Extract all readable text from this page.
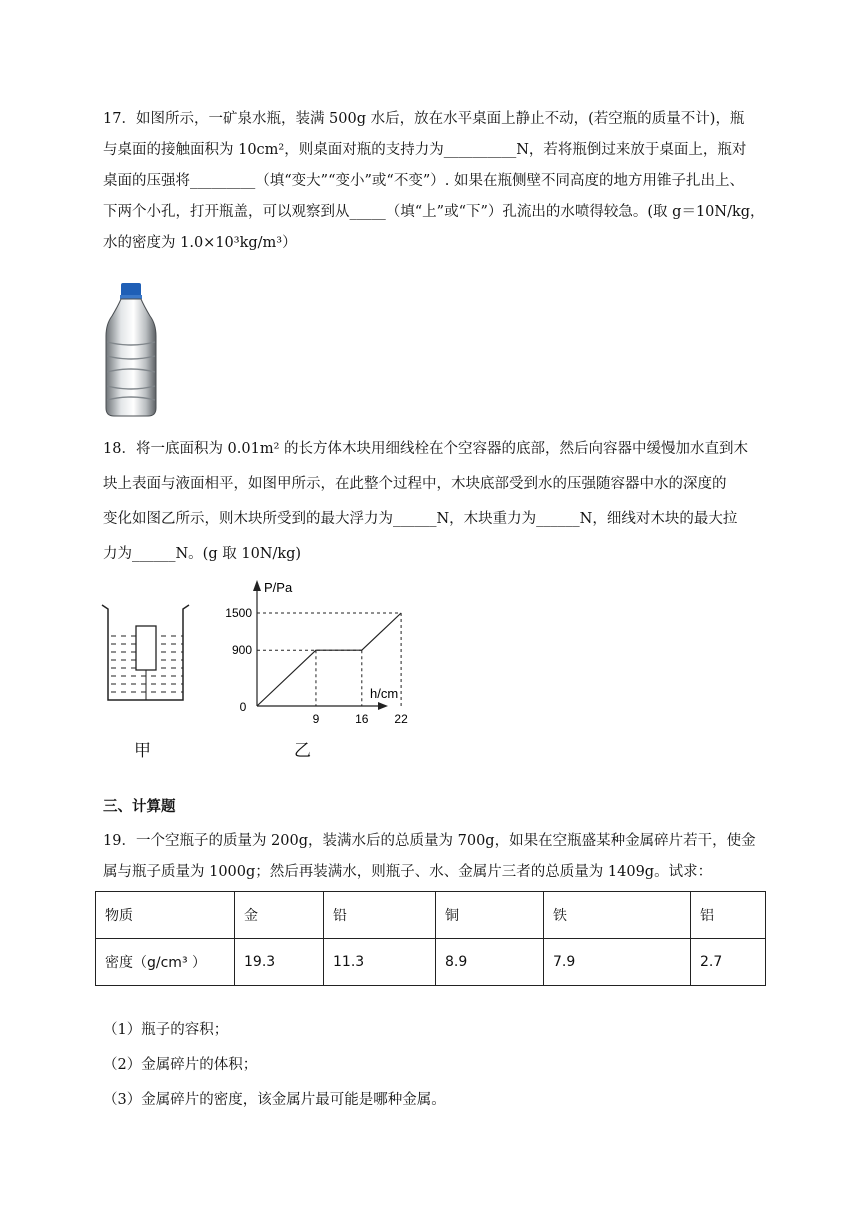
17．如图所示，一矿泉水瓶，装满 500g 水后，放在水平桌面上静止不动，(若空瓶的质量不计)，瓶
与桌面的接触面积为 10cm²，则桌面对瓶的支持力为__________N，若将瓶倒过来放于桌面上，瓶对
桌面的压强将_________（填“变大”“变小”或“不变”）. 如果在瓶侧壁不同高度的地方用锥子扎出上、
下两个小孔，打开瓶盖，可以观察到从_____（填“上”或“下”）孔流出的水喷得较急。(取 g＝10N/kg，
水的密度为 1.0×10³kg/m³）
18．将一底面积为 0.01m² 的长方体木块用细线栓在个空容器的底部，然后向容器中缓慢加水直到木
块上表面与液面相平，如图甲所示，在此整个过程中，木块底部受到水的压强随容器中水的深度的
变化如图乙所示，则木块所受到的最大浮力为______N，木块重力为______N，细线对木块的最大拉
力为______N。(g 取 10N/kg)
甲
P/Pa
h/cm
0
9	16 22
900
1500
乙
三、计算题
19．一个空瓶子的质量为 200g，装满水后的总质量为 700g，如果在空瓶盛某种金属碎片若干，使金
属与瓶子质量为 1000g；然后再装满水，则瓶子、水、金属片三者的总质量为 1409g。试求：
物质	金	铅	铜	铁	铝
密度（g/cm³ ）	19.3	11.3	8.9	7.9	2.7
（1）瓶子的容积；
（2）金属碎片的体积；
（3）金属碎片的密度，该金属片最可能是哪种金属。
